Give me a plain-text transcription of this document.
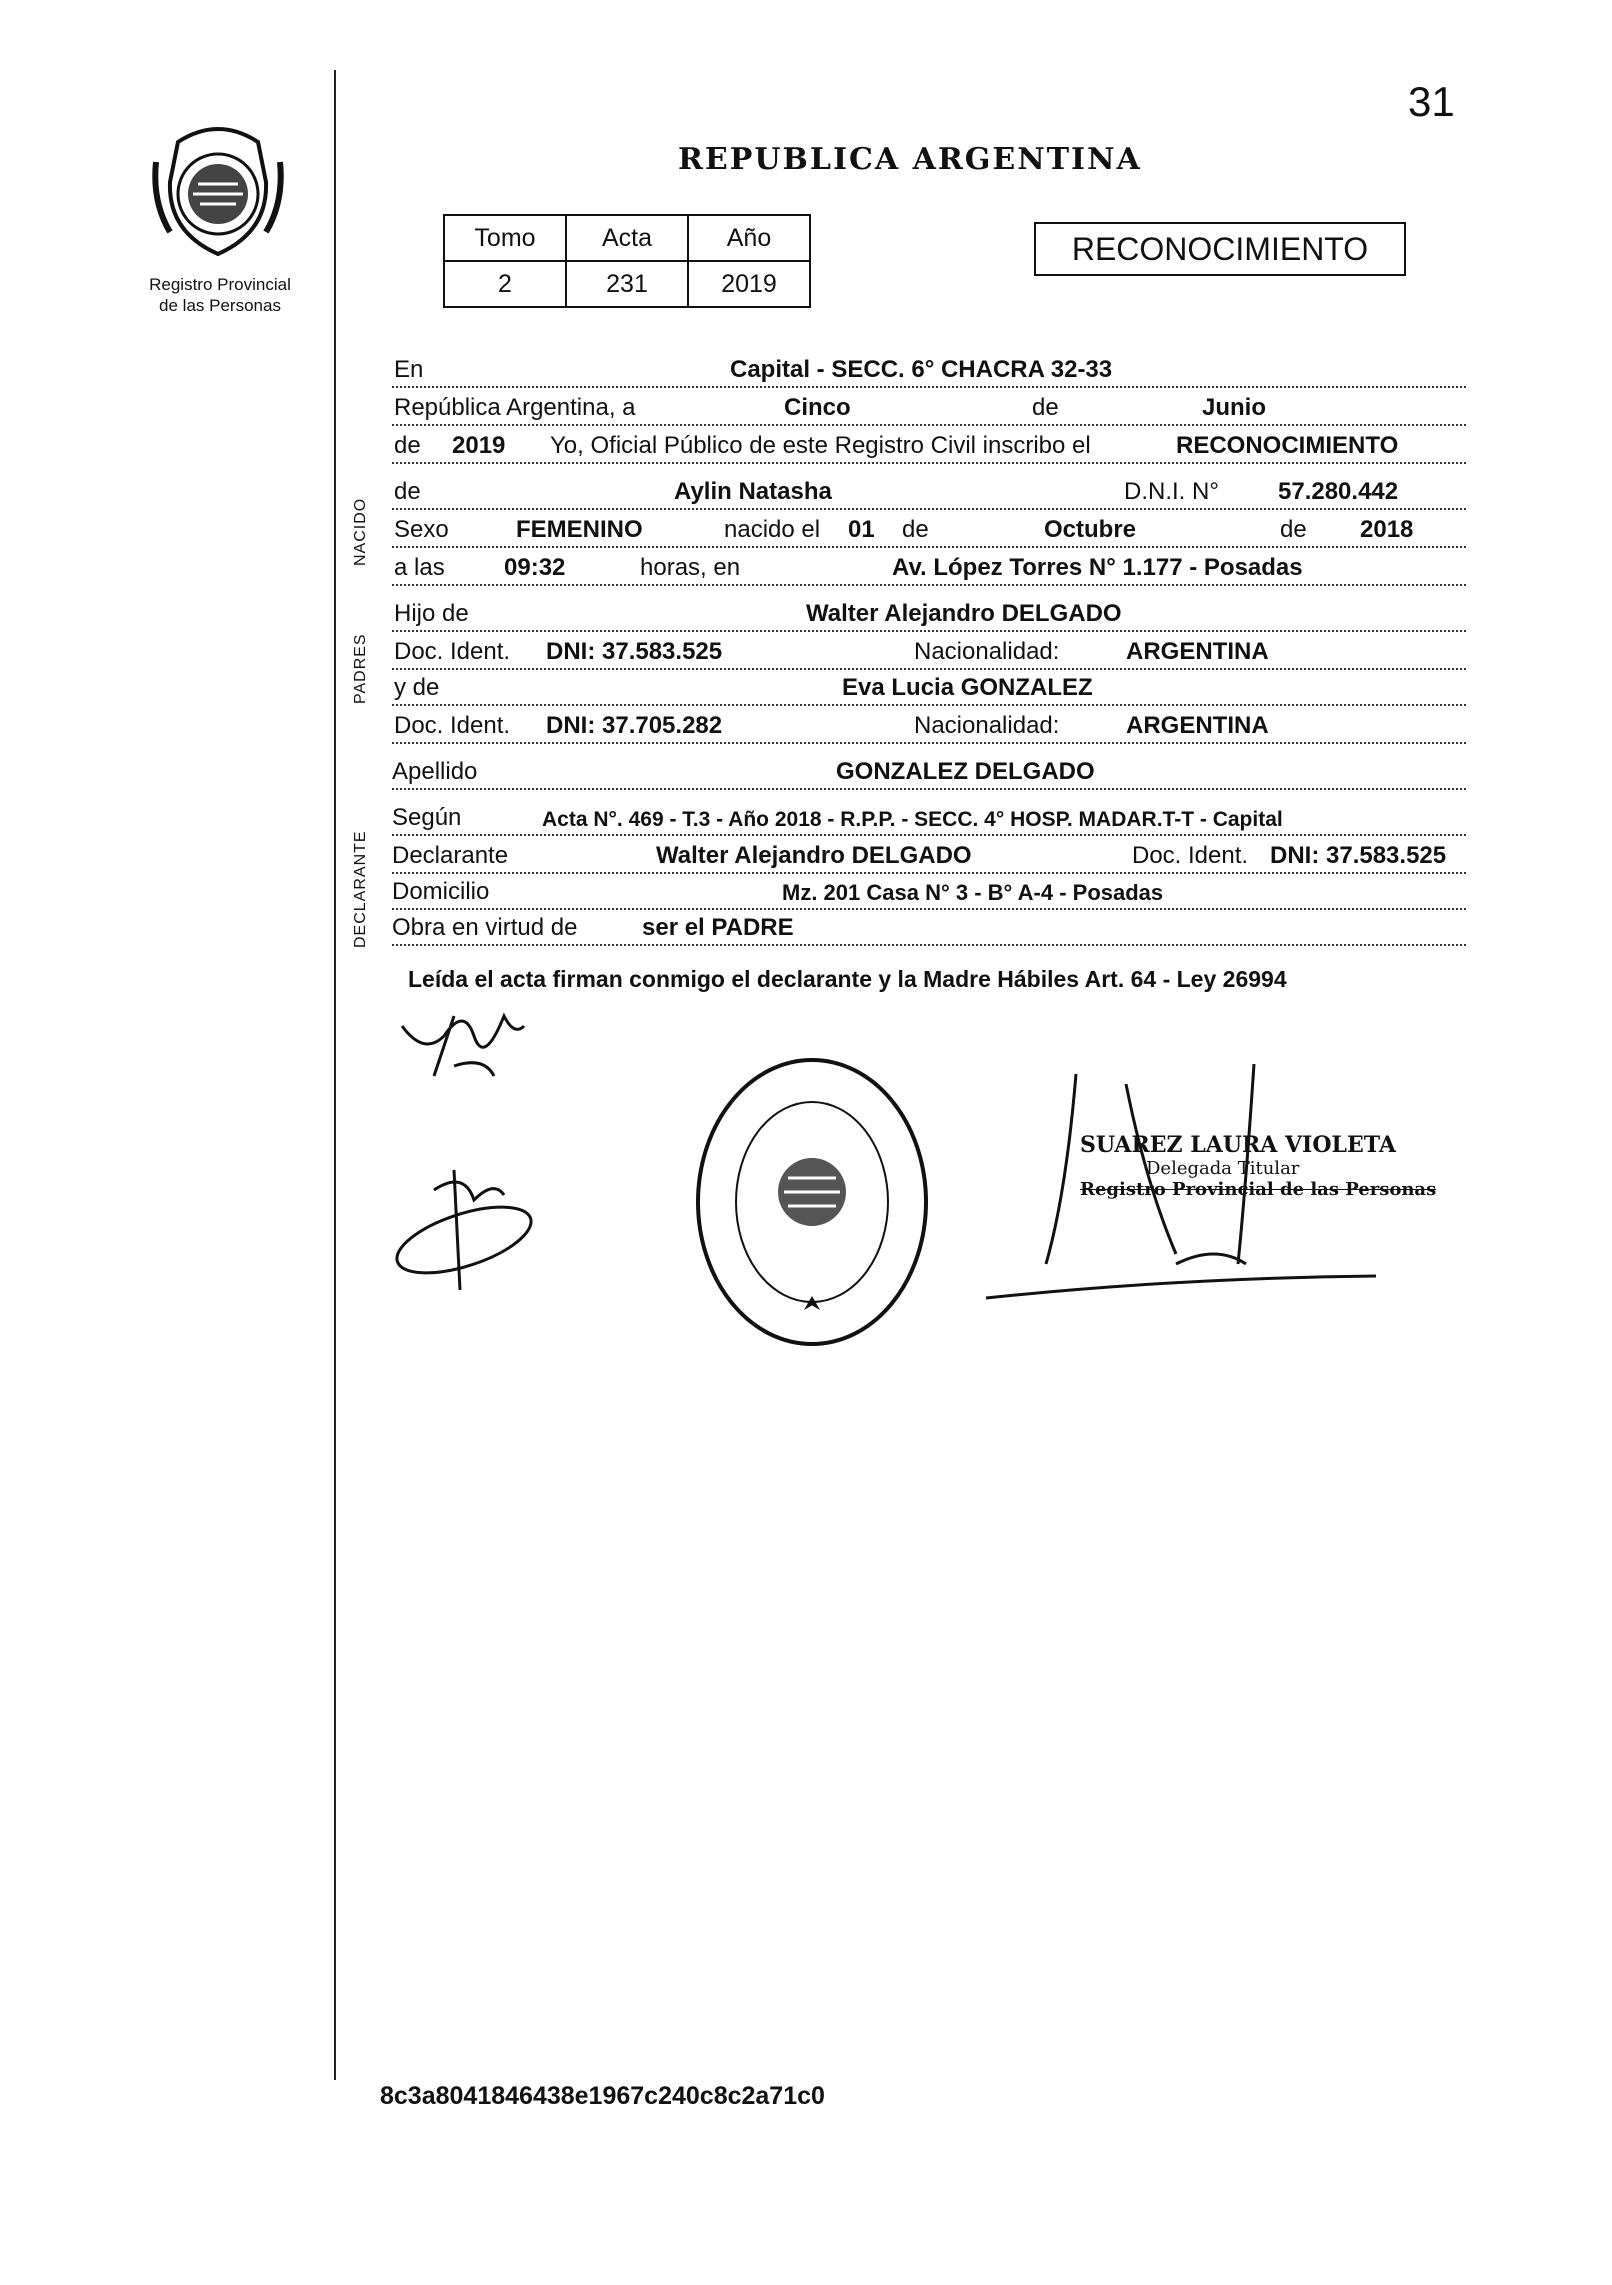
31
Registro Provincial
de las Personas
REPUBLICA ARGENTINA
Tomo	Acta	Año
2	231	2019
RECONOCIMIENTO
En	Capital - SECC. 6° CHACRA 32-33
República Argentina, a	Cinco	de	Junio
de 2019 Yo, Oficial Público de este Registro Civil inscribo el	RECONOCIMIENTO
de	Aylin Natasha	D.N.I. N° 57.280.442
Sexo	FEMENINO	nacido el 01 de	Octubre	de 2018
a las 09:32	horas, en	Av. López Torres N° 1.177 - Posadas
Hijo de	Walter Alejandro DELGADO
Doc. Ident. DNI: 37.583.525	Nacionalidad:	ARGENTINA
y de	Eva Lucia GONZALEZ
Doc. Ident. DNI: 37.705.282	Nacionalidad:	ARGENTINA
Apellido	GONZALEZ DELGADO
Según	Acta N°. 469 - T.3 - Año 2018 - R.P.P. - SECC. 4° HOSP. MADAR.T-T - Capital
Declarante	Walter Alejandro DELGADO	Doc. Ident. DNI: 37.583.525
Domicilio	Mz. 201 Casa N° 3 - B° A-4 - Posadas
Obra en virtud de	ser el PADRE
NACIDO
PADRES
DECLARANTE
Leída el acta firman conmigo el declarante y la Madre Hábiles Art. 64 - Ley 26994
SUAREZ LAURA VIOLETA
Delegada Titular
Registro Provincial de las Personas
8c3a8041846438e1967c240c8c2a71c0
